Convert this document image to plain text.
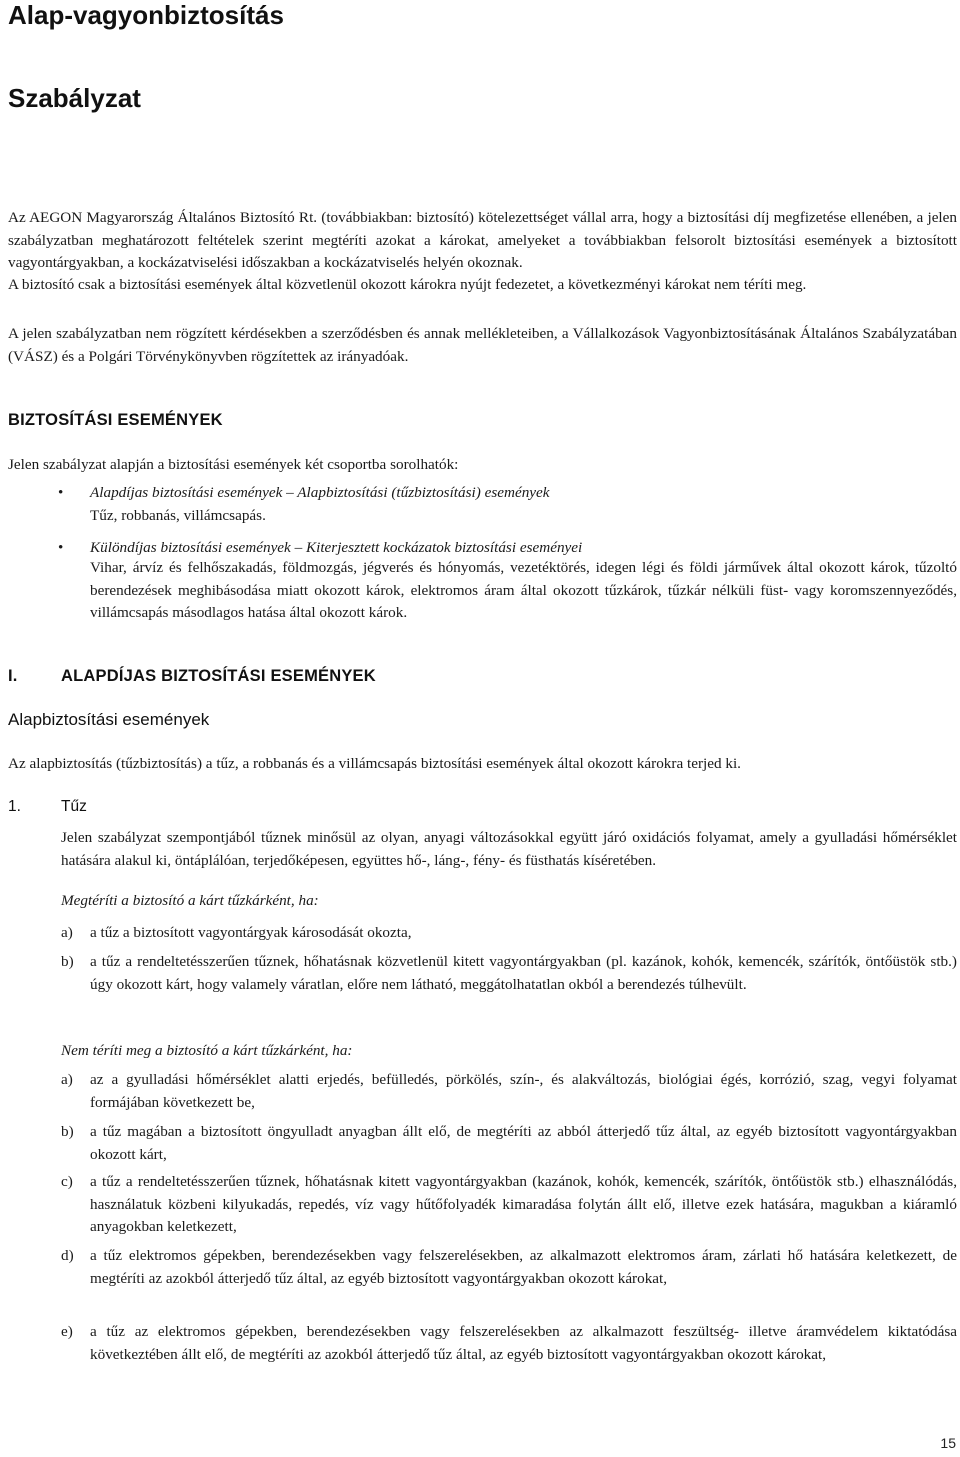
Alap-vagyonbiztosítás
Szabályzat
Az AEGON Magyarország Általános Biztosító Rt. (továbbiakban: biztosító) kötelezettséget vállal arra, hogy a biztosítási díj megfizetése ellenében, a jelen szabályzatban meghatározott feltételek szerint megtéríti azokat a károkat, amelyeket a továbbiakban felsorolt biztosítási események a biztosított vagyontárgyakban, a kockázatviselési időszakban a kockázatviselés helyén okoznak.
A biztosító csak a biztosítási események által közvetlenül okozott károkra nyújt fedezetet, a következményi károkat nem téríti meg.
A jelen szabályzatban nem rögzített kérdésekben a szerződésben és annak mellékleteiben, a Vállalkozások Vagyonbiztosításának Általános Szabályzatában (VÁSZ) és a Polgári Törvénykönyvben rögzítettek az irányadóak.
BIZTOSÍTÁSI ESEMÉNYEK
Jelen szabályzat alapján a biztosítási események két csoportba sorolhatók:
• Alapdíjas biztosítási események – Alapbiztosítási (tűzbiztosítási) események
Tűz, robbanás, villámcsapás.
• Különdíjas biztosítási események – Kiterjesztett kockázatok biztosítási eseményei
Vihar, árvíz és felhőszakadás, földmozgás, jégverés és hónyomás, vezetéktörés, idegen légi és földi járművek által okozott károk, tűzoltó berendezések meghibásodása miatt okozott károk, elektromos áram által okozott tűzkárok, tűzkár nélküli füst- vagy koromszennyeződés, villámcsapás másodlagos hatása által okozott károk.
I.	ALAPDÍJAS BIZTOSÍTÁSI ESEMÉNYEK
Alapbiztosítási események
Az alapbiztosítás (tűzbiztosítás) a tűz, a robbanás és a villámcsapás biztosítási események által okozott károkra terjed ki.
1.	Tűz
Jelen szabályzat szempontjából tűznek minősül az olyan, anyagi változásokkal együtt járó oxidációs folyamat, amely a gyulladási hőmérséklet hatására alakul ki, öntáplálóan, terjedőképesen, együttes hő-, láng-, fény- és füsthatás kíséretében.
Megtéríti a biztosító a kárt tűzkárként, ha:
a) a tűz a biztosított vagyontárgyak károsodását okozta,
b) a tűz a rendeltetésszerűen tűznek, hőhatásnak közvetlenül kitett vagyontárgyakban (pl. kazánok, kohók, kemencék, szárítók, öntőüstök stb.) úgy okozott kárt, hogy valamely váratlan, előre nem látható, meggátolhatatlan okból a berendezés túlhevült.
Nem téríti meg a biztosító a kárt tűzkárként, ha:
a) az a gyulladási hőmérséklet alatti erjedés, befülledés, pörkölés, szín-, és alakváltozás, biológiai égés, korrózió, szag, vegyi folyamat formájában következett be,
b) a tűz magában a biztosított öngyulladt anyagban állt elő, de megtéríti az abból átterjedő tűz által, az egyéb biztosított vagyontárgyakban okozott kárt,
c) a tűz a rendeltetésszerűen tűznek, hőhatásnak kitett vagyontárgyakban (kazánok, kohók, kemencék, szárítók, öntőüstök stb.) elhasználódás, használatuk közbeni kilyukadás, repedés, víz vagy hűtőfolyadék kimaradása folytán állt elő, illetve ezek hatására, magukban a kiáramló anyagokban keletkezett,
d) a tűz elektromos gépekben, berendezésekben vagy felszerelésekben, az alkalmazott elektromos áram, zárlati hő hatására keletkezett, de megtéríti az azokból átterjedő tűz által, az egyéb biztosított vagyontárgyakban okozott károkat,
e) a tűz az elektromos gépekben, berendezésekben vagy felszerelésekben az alkalmazott feszültség- illetve áramvédelem kiktatódása következtében állt elő, de megtéríti az azokból átterjedő tűz által, az egyéb biztosított vagyontárgyakban okozott károkat,
15
